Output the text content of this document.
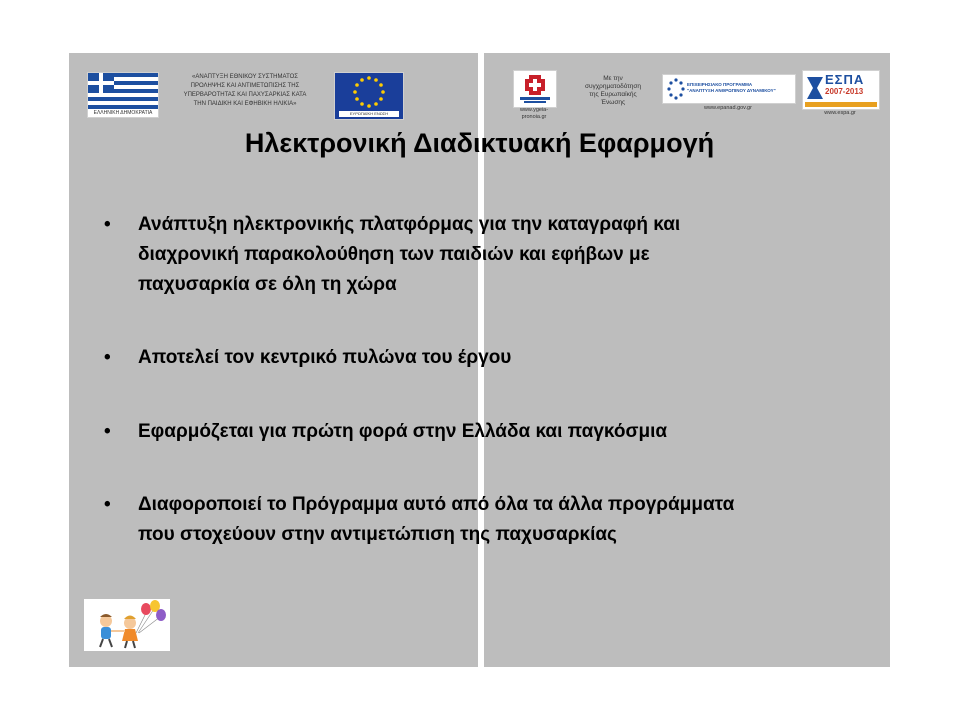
ΕΛΛΗΝΙΚΗ ΔΗΜΟΚΡΑΤΙΑ
«ΑΝΑΠΤΥΞΗ ΕΘΝΙΚΟΥ ΣΥΣΤΗΜΑΤΟΣ
ΠΡΟΛΗΨΗΣ ΚΑΙ ΑΝΤΙΜΕΤΩΠΙΣΗΣ ΤΗΣ
ΥΠΕΡΒΑΡΟΤΗΤΑΣ ΚΑΙ ΠΑΧΥΣΑΡΚΙΑΣ ΚΑΤΑ
ΤΗΝ ΠΑΙΔΙΚΗ ΚΑΙ ΕΦΗΒΙΚΗ ΗΛΙΚΙΑ»
ΕΥΡΩΠΑΪΚΗ ΕΝΩΣΗ
www.ygeia-
pronoia.gr
Με την
συγχρηματοδότηση
της Ευρωπαϊκής
Ένωσης
ΕΠΙΧΕΙΡΗΣΙΑΚΟ ΠΡΟΓΡΑΜΜΑ
"ΑΝΑΠΤΥΞΗ ΑΝΘΡΩΠΙΝΟΥ ΔΥΝΑΜΙΚΟΥ"
www.epanad.gov.gr
ΕΣΠΑ
2007-2013
www.espa.gr
Ηλεκτρονική Διαδικτυακή Εφαρμογή
• Ανάπτυξη ηλεκτρονικής πλατφόρμας για την καταγραφή και
διαχρονική παρακολούθηση των παιδιών και εφήβων με
παχυσαρκία σε όλη τη χώρα
• Αποτελεί τον κεντρικό πυλώνα του έργου
• Εφαρμόζεται για πρώτη φορά στην Ελλάδα και παγκόσμια
• Διαφοροποιεί το Πρόγραμμα αυτό από όλα τα άλλα προγράμματα
που στοχεύουν στην αντιμετώπιση της παχυσαρκίας
